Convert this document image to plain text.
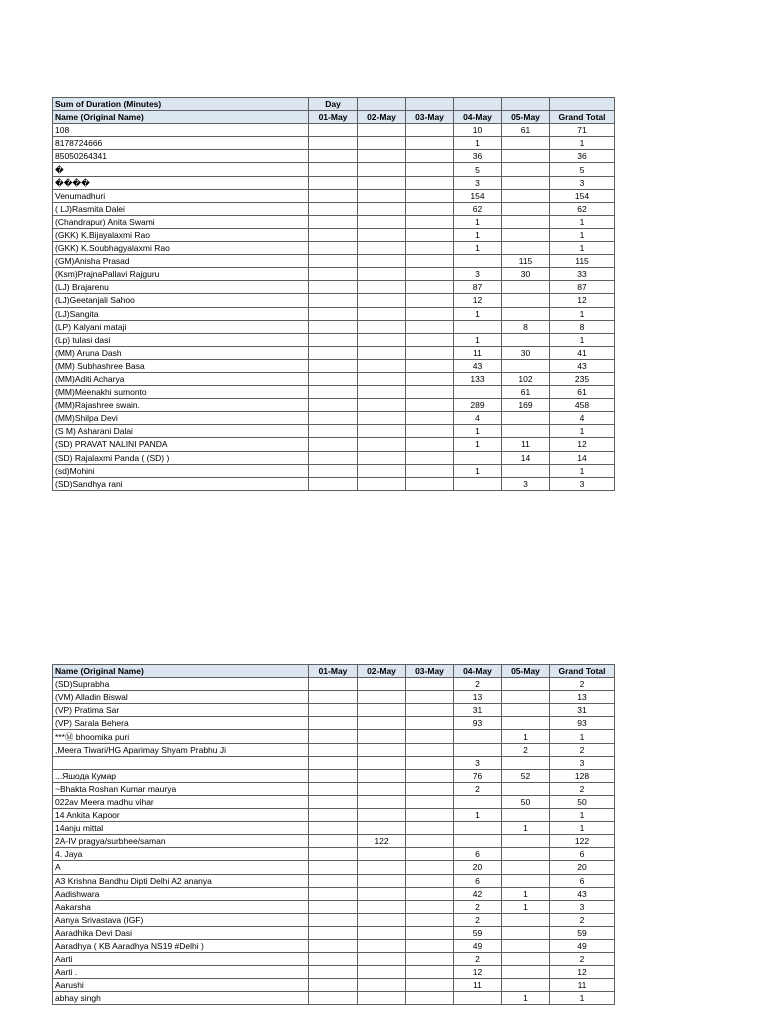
Sum of Duration (Minutes)	Day					
Name (Original Name)	01-May	02-May	03-May	04-May	05-May	Grand Total
108				10	61	71
8178724666				1		1
85050264341				36		36
�				5		5
����				3		3
Venumadhuri				154		154
( LJ)Rasmita Dalei				62		62
(Chandrapur) Anita Swami				1		1
(GKK) K.Bijayalaxmi Rao				1		1
(GKK) K.Soubhagyalaxmi Rao				1		1
(GM)Anisha Prasad					115	115
(Ksm)PrajnaPallavi Rajguru				3	30	33
(LJ) Brajarenu				87		87
(LJ)Geetanjali Sahoo				12		12
(LJ)Sangita				1		1
(LP) Kalyani mataji					8	8
(Lp) tulasi dasi				1		1
(MM) Aruna Dash				11	30	41
(MM) Subhashree Basa				43		43
(MM)Aditi Acharya				133	102	235
(MM)Meenakhi sumonto					61	61
(MM)Rajashree swain.				289	169	458
(MM)Shilpa Devi				4		4
(S M) Asharani Dalai				1		1
(SD) PRAVAT NALINI PANDA				1	11	12
(SD) Rajalaxmi Panda ( (SD) )					14	14
(sd)Mohini				1		1
(SD)Sandhya rani					3	3
Name (Original Name)	01-May	02-May	03-May	04-May	05-May	Grand Total
(SD)Suprabha				2		2
(VM) Alladin Biswal				13		13
(VP) Pratima Sar				31		31
(VP) Sarala Behera				93		93
***Ⓜ bhoomika puri					1	1
,Meera Tiwari/HG Aparimay Shyam Prabhu Ji					2	2
				3		3
...Яшода Кумар				76	52	128
~Bhakta Roshan Kumar maurya				2		2
022av Meera madhu vihar					50	50
14 Ankita Kapoor				1		1
14anju mittal					1	1
2A-IV pragya/surbhee/saman		122				122
4. Jaya				6		6
A				20		20
A3 Krishna Bandhu Dipti Delhi A2 ananya				6		6
Aadishwara				42	1	43
Aakarsha				2	1	3
Aanya Srivastava (IGF)				2		2
Aaradhika Devi Dasi				59		59
Aaradhya ( KB Aaradhya NS19 #Delhi )				49		49
Aarti				2		2
Aarti .				12		12
Aarushi				11		11
abhay singh					1	1
